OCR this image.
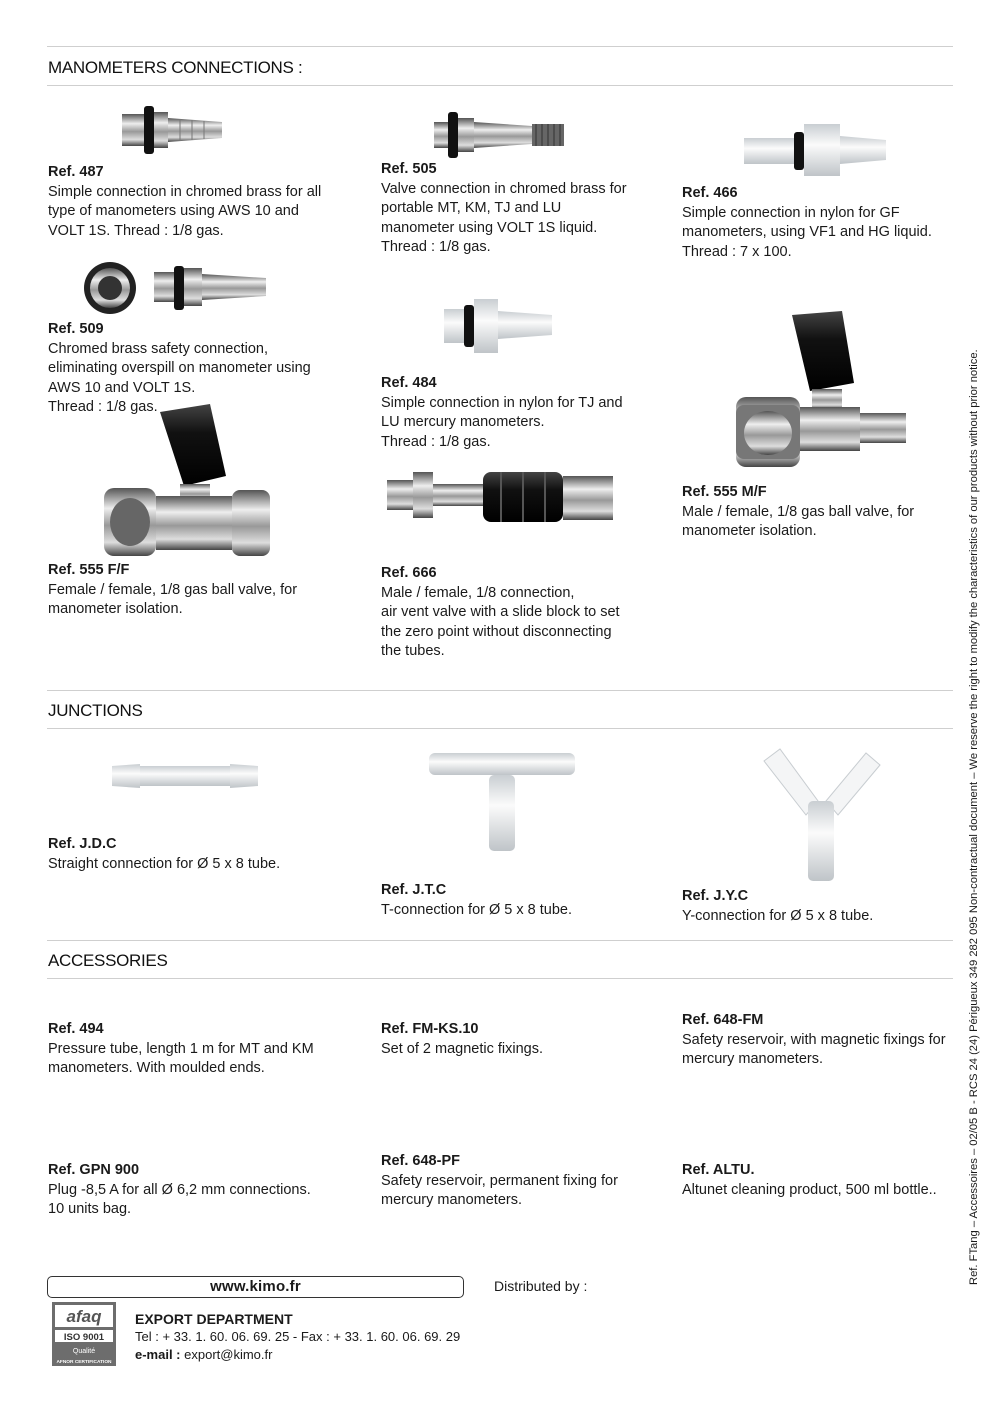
MANOMETERS CONNECTIONS :
JUNCTIONS
ACCESSORIES
Ref. 487
Simple connection in chromed brass for all
type of manometers using AWS 10 and
VOLT 1S. Thread : 1/8 gas.
Ref. 505
Valve connection in chromed brass for
portable MT, KM, TJ and LU
manometer using VOLT 1S liquid.
Thread : 1/8 gas.
Ref. 466
Simple connection in nylon for GF
manometers, using VF1 and HG liquid.
Thread : 7 x 100.
Ref. 509
Chromed brass safety connection,
eliminating overspill on manometer using
AWS 10 and VOLT 1S.
Thread : 1/8 gas.
Ref. 484
Simple connection in nylon for TJ and
LU mercury manometers.
Thread : 1/8 gas.
Ref. 555 M/F
Male / female, 1/8 gas ball valve, for
manometer isolation.
Ref. 555 F/F
Female / female, 1/8 gas ball valve, for
manometer isolation.
Ref. 666
Male / female, 1/8 connection,
air vent valve with a slide block to set
the zero point without disconnecting
the tubes.
Ref. J.D.C
Straight connection for Ø 5 x 8 tube.
Ref. J.T.C
T-connection for Ø 5 x 8 tube.
Ref. J.Y.C
Y-connection for Ø 5 x 8 tube.
Ref. 494
Pressure tube, length 1 m for MT and KM
manometers. With moulded ends.
Ref. FM-KS.10
Set of 2 magnetic fixings.
Ref. 648-FM
Safety reservoir, with magnetic fixings for
mercury manometers.
Ref. GPN 900
Plug -8,5 A for all Ø 6,2 mm connections.
10 units bag.
Ref. 648-PF
Safety reservoir, permanent fixing for
mercury manometers.
Ref. ALTU.
Altunet cleaning product, 500 ml bottle..
www.kimo.fr	Distributed by :
afaq
ISO 9001
Qualité
AFNOR CERTIFICATION
EXPORT DEPARTMENT
Tel : + 33. 1. 60. 06. 69. 25 - Fax : + 33. 1. 60. 06. 69. 29
e-mail : export@kimo.fr
Ref. FTang – Accessoires – 02/05 B - RCS 24 (24) Périgueux 349 282 095 Non-contractual document – We reserve the right to modify the characteristics of our products without prior notice.
